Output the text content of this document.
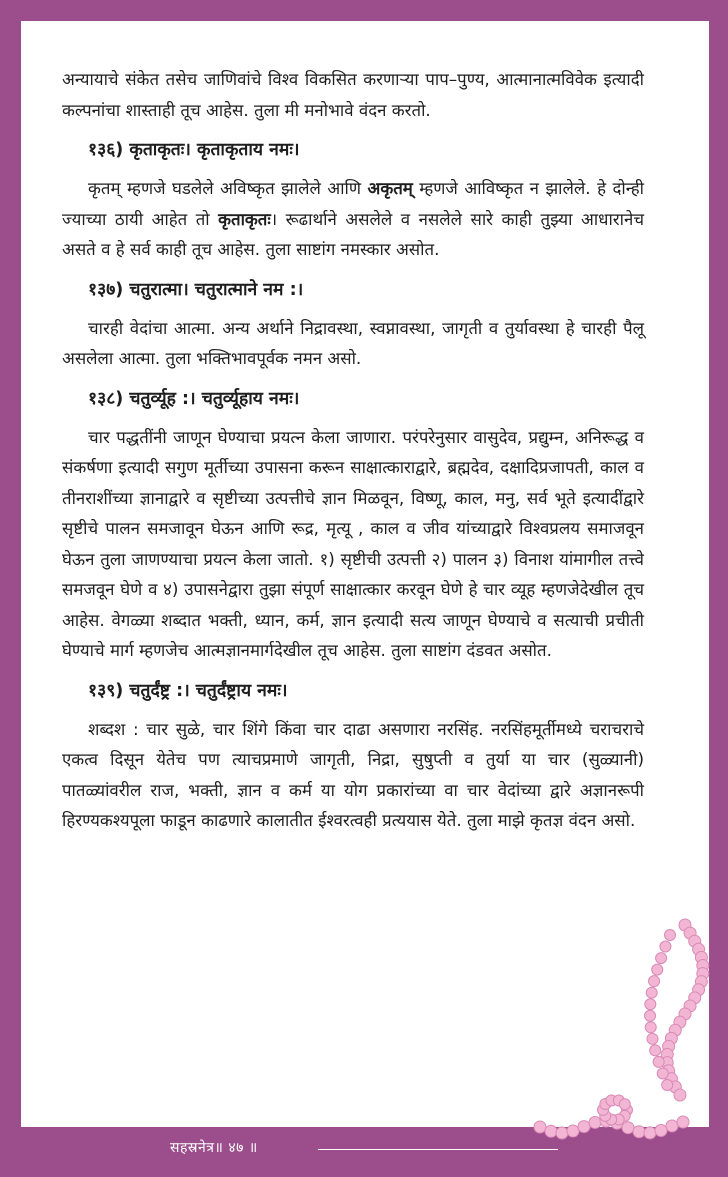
अन्यायाचे संकेत तसेच जाणिवांचे विश्व विकसित करणाऱ्या पाप–पुण्य, आत्मानात्मविवेक इत्यादी कल्पनांचा शास्ताही तूच आहेस. तुला मी मनोभावे वंदन करतो.

१३६) कृताकृतः। कृताकृताय नमः।

कृतम् म्हणजे घडलेले अविष्कृत झालेले आणि अकृतम् म्हणजे आविष्कृत न झालेले. हे दोन्ही ज्याच्या ठायी आहेत तो कृताकृतः। रूढार्थाने असलेले व नसलेले सारे काही तुझ्या आधारानेच असते व हे सर्व काही तूच आहेस. तुला साष्टांग नमस्कार असोत.

१३७) चतुरात्मा। चतुरात्माने नम :।

चारही वेदांचा आत्मा. अन्य अर्थाने निद्रावस्था, स्वप्नावस्था, जागृती व तुर्यावस्था हे चारही पैलू असलेला आत्मा. तुला भक्तिभावपूर्वक नमन असो.

१३८) चतुर्व्यूह :। चतुर्व्यूहाय नमः।

चार पद्धतींनी जाणून घेण्याचा प्रयत्न केला जाणारा. परंपरेनुसार वासुदेव, प्रद्युम्न, अनिरूद्ध व संकर्षणा इत्यादी सगुण मूर्तीच्या उपासना करून साक्षात्काराद्वारे, ब्रह्मदेव, दक्षादिप्रजापती, काल व तीनराशींच्या ज्ञानाद्वारे व सृष्टीच्या उत्पत्तीचे ज्ञान मिळवून, विष्णू, काल, मनु, सर्व भूते इत्यादींद्वारे सृष्टीचे पालन समजावून घेऊन आणि रूद्र, मृत्यू , काल व जीव यांच्याद्वारे विश्वप्रलय समाजवून घेऊन तुला जाणण्याचा प्रयत्न केला जातो. १) सृष्टीची उत्पत्ती २) पालन ३) विनाश यांमागील तत्त्वे समजवून घेणे व ४) उपासनेद्वारा तुझा संपूर्ण साक्षात्कार करवून घेणे हे चार व्यूह म्हणजेदेखील तूच आहेस. वेगळ्या शब्दात भक्ती, ध्यान, कर्म, ज्ञान इत्यादी सत्य जाणून घेण्याचे व सत्याची प्रचीती घेण्याचे मार्ग म्हणजेच आत्मज्ञानमार्गदेखील तूच आहेस. तुला साष्टांग दंडवत असोत.

१३९) चतुर्दंष्ट्र :। चतुर्दंष्ट्राय नमः।

शब्दश : चार सुळे, चार शिंगे किंवा चार दाढा असणारा नरसिंह. नरसिंहमूर्तीमध्ये चराचराचे एकत्व दिसून येतेच पण त्याचप्रमाणे जागृती, निद्रा, सुषुप्ती व तुर्या या चार (सुळ्यानी) पातळ्यांवरील राज, भक्ती, ज्ञान व कर्म या योग प्रकारांच्या वा चार वेदांच्या द्वारे अज्ञानरूपी हिरण्यकश्यपूला फाडून काढणारे कालातीत ईश्वरत्वही प्रत्ययास येते. तुला माझे कृतज्ञ वंदन असो.

सहस्रनेत्र॥ ४७ ॥
